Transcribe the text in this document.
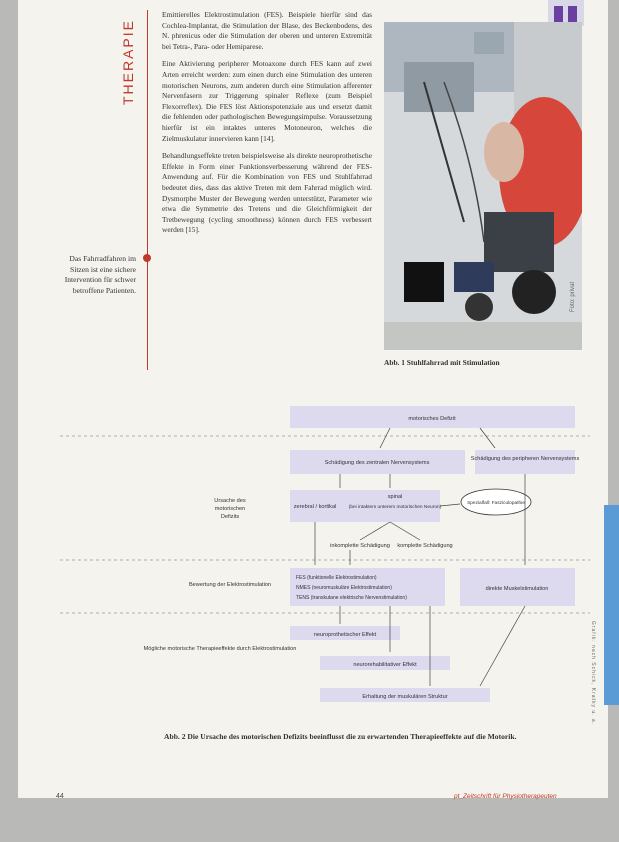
THERAPIE

Emittierelles Elektrostimulation (FES). Beispiele hierfür sind das Cochlea-Implantat, die Stimulation der Blase, des Beckenbodens, des N. phrenicus oder die Stimulation der oberen und unteren Extremität bei Tetra-, Para- oder Hemiparese.

Eine Aktivierung peripherer Motoaxone durch FES kann auf zwei Arten erreicht werden: zum einen durch eine Stimulation des unteren motorischen Neurons, zum anderen durch eine Stimulation afferenter Nervenfasern zur Triggerung spinaler Reflexe (zum Beispiel Flexorreflex). Die FES löst Aktionspotenziale aus und ersetzt damit die fehlenden oder pathologischen Bewegungsimpulse. Voraussetzung hierfür ist ein intaktes unteres Motoneuron, welches die Zielmuskulatur innervieren kann [14].

Behandlungseffekte treten beispielsweise als direkte neuroprothetische Effekte in Form einer Funktionsverbesserung während der FES-Anwendung auf. Für die Kombination von FES und Stuhlfahrrad bedeutet dies, dass das aktive Treten mit dem Fahrrad möglich wird. Dysmorphe Muster der Bewegung werden unterstützt, Parameter wie etwa die Symmetrie des Tretens und die Gleichförmigkeit der Tretbewegung (cycling smoothness) können durch FES verbessert werden [15].

Das Fahrradfahren im Sitzen ist eine sichere Intervention für schwer betroffene Patienten.	Foto: privat
Abb. 1 Stuhlfahrrad mit Stimulation
motorisches Defizit
Schädigung des zentralen Nervensystems
Schädigung des peripheren Nervensystems
Ursache des
motorischen
Defizits
zerebral / kortikal
spinal
(bei intaktem unterem motorischen Neuron)
Spezialfall: Fasziculopathie
inkomplette Schädigung komplette Schädigung
Bewertung der Elektrostimulation
direkte Muskelstimulation
neuroprothetischer Effekt
Mögliche motorische Therapieeffekte durch Elektrostimulation
neurorehabilitativer Effekt
Erhaltung der muskulären Struktur
FES (funktionelle Elektrostimulation)
NMES (neuromuskuläre Elektrostimulation)
TENS (transkutane elektrische Nervenstimulation)
Abb. 2 Die Ursache des motorischen Defizits beeinflusst die zu erwartenden Therapieeffekte auf die Motorik.
44	pt_Zeitschrift für Physiotherapeuten
Grafik: nach Schick, Kratky u. a.
